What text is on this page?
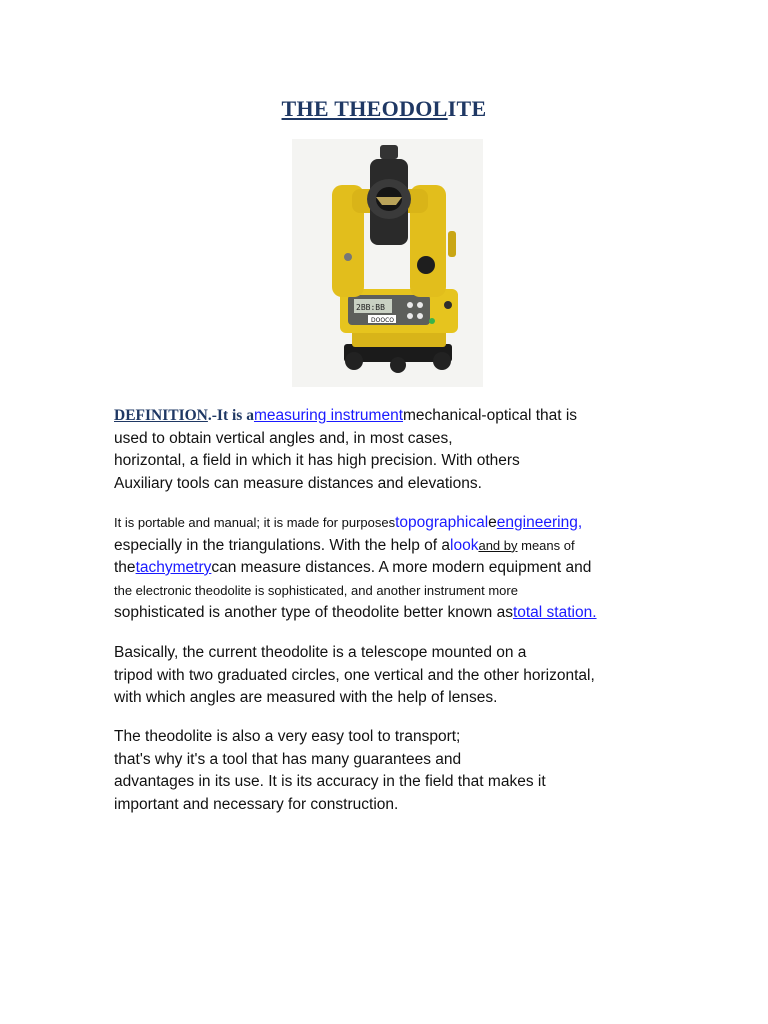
THE THEODOLITE
2BB:BB
DOOCO
DEFINITION.-It is ameasuring instrumentmechanical-optical that is
used to obtain vertical angles and, in most cases,
horizontal, a field in which it has high precision. With others
Auxiliary tools can measure distances and elevations.
It is portable and manual; it is made for purposestopographicaleengineering,
especially in the triangulations. With the help of alookand by means of
thetachymetrycan measure distances. A more modern equipment and
the electronic theodolite is sophisticated, and another instrument more
sophisticated is another type of theodolite better known astotal station.
Basically, the current theodolite is a telescope mounted on a
tripod with two graduated circles, one vertical and the other horizontal,
with which angles are measured with the help of lenses.
The theodolite is also a very easy tool to transport;
that's why it's a tool that has many guarantees and
advantages in its use. It is its accuracy in the field that makes it
important and necessary for construction.
